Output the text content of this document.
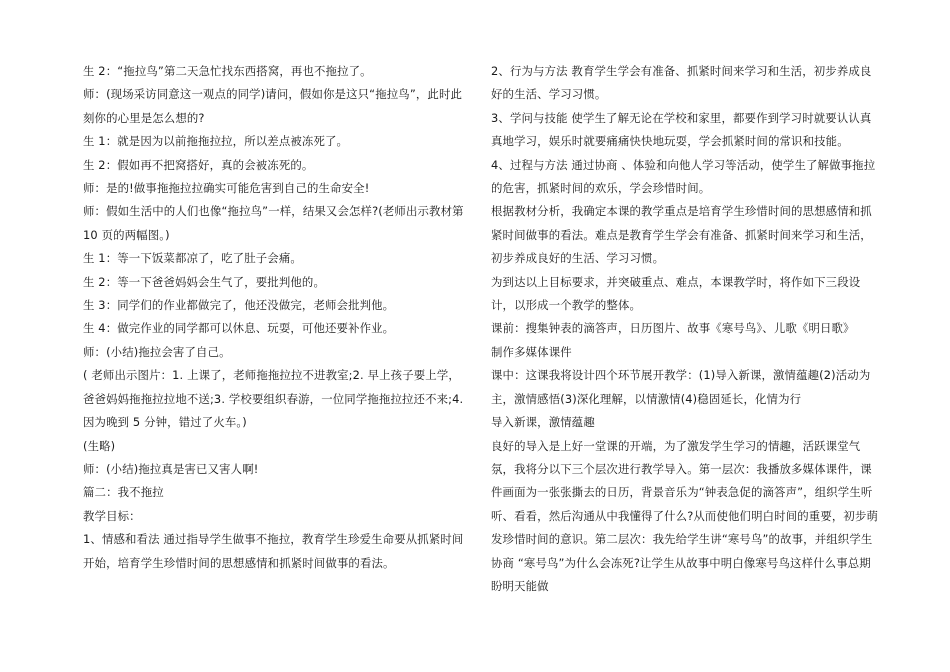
生 2：“拖拉鸟”第二天急忙找东西搭窝，再也不拖拉了。

师：(现场采访同意这一观点的同学)请问，假如你是这只“拖拉鸟”，此时此刻你的心里是怎么想的?

生 1：就是因为以前拖拖拉拉，所以差点被冻死了。

生 2：假如再不把窝搭好，真的会被冻死的。

师：是的!做事拖拖拉拉确实可能危害到自己的生命安全!

师：假如生活中的人们也像“拖拉鸟”一样，结果又会怎样?(老师出示教材第 10 页的两幅图。)

生 1：等一下饭菜都凉了，吃了肚子会痛。

生 2：等一下爸爸妈妈会生气了，要批判他的。

生 3：同学们的作业都做完了，他还没做完，老师会批判他。

生 4：做完作业的同学都可以休息、玩耍，可他还要补作业。

师：(小结)拖拉会害了自己。

( 老师出示图片：1. 上课了，老师拖拖拉拉不进教室;2. 早上孩子要上学，爸爸妈妈拖拖拉拉地不送;3. 学校要组织春游，一位同学拖拖拉拉还不来;4. 因为晚到 5 分钟，错过了火车。)

(生略)

师：(小结)拖拉真是害已又害人啊!

篇二：我不拖拉

教学目标：

1、情感和看法 通过指导学生做事不拖拉，教育学生珍爱生命要从抓紧时间开始，培育学生珍惜时间的思想感情和抓紧时间做事的看法。

2、行为与方法 教育学生学会有准备、抓紧时间来学习和生活，初步养成良好的生活、学习习惯。

3、学问与技能 使学生了解无论在学校和家里，都要作到学习时就要认认真真地学习，娱乐时就要痛痛快快地玩耍，学会抓紧时间的常识和技能。

4、过程与方法 通过协商 、体验和向他人学习等活动，使学生了解做事拖拉的危害，抓紧时间的欢乐，学会珍惜时间。

根据教材分析，我确定本课的教学重点是培育学生珍惜时间的思想感情和抓紧时间做事的看法。难点是教育学生学会有准备、抓紧时间来学习和生活，初步养成良好的生活、学习习惯。

为到达以上目标要求，并突破重点、难点，本课教学时，将作如下三段设计，以形成一个教学的整体。

课前：搜集钟表的滴答声，日历图片、故事《寒号鸟》、儿歌《明日歌》

制作多媒体课件

课中：这课我将设计四个环节展开教学：(1)导入新课，激情蕴趣(2)活动为主，激情感悟(3)深化理解，以情激情(4)稳固延长，化情为行

导入新课，激情蕴趣

良好的导入是上好一堂课的开端，为了激发学生学习的情趣，活跃课堂气氛，我将分以下三个层次进行教学导入。第一层次：我播放多媒体课件，课件画面为一张张撕去的日历，背景音乐为“钟表急促的滴答声”，组织学生听听、看看，然后沟通从中我懂得了什么?从而使他们明白时间的重要，初步萌发珍惜时间的意识。第二层次：我先给学生讲“寒号鸟”的故事，并组织学生协商 “寒号鸟”为什么会冻死?让学生从故事中明白像寒号鸟这样什么事总期盼明天能做
